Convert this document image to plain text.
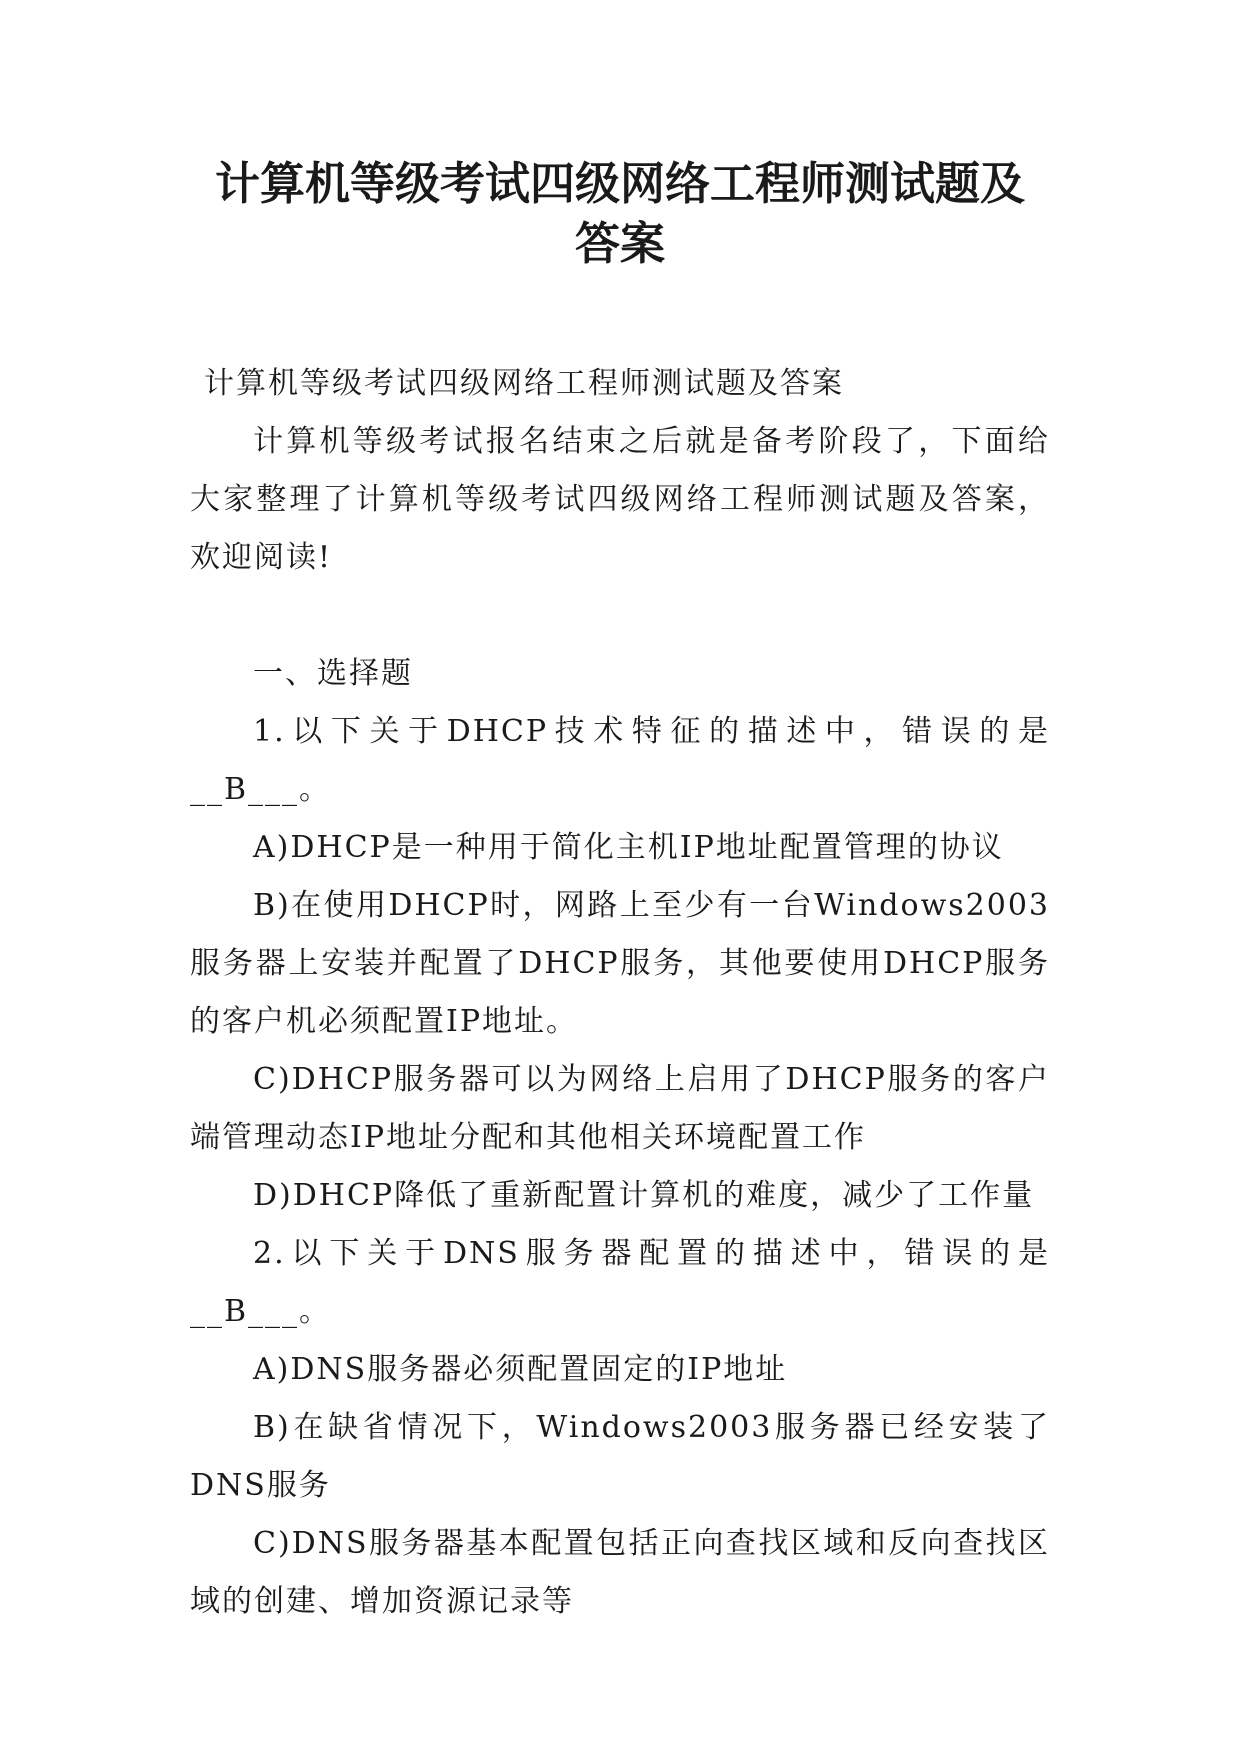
计算机等级考试四级网络工程师测试题及
答案

计算机等级考试四级网络工程师测试题及答案

计算机等级考试报名结束之后就是备考阶段了，下面给大家整理了计算机等级考试四级网络工程师测试题及答案，欢迎阅读!

一、选择题

1.以下关于DHCP技术特征的描述中，错误的是__B___。

A)DHCP是一种用于简化主机IP地址配置管理的协议

B)在使用DHCP时，网路上至少有一台Windows2003服务器上安装并配置了DHCP服务，其他要使用DHCP服务的客户机必须配置IP地址。

C)DHCP服务器可以为网络上启用了DHCP服务的客户端管理动态IP地址分配和其他相关环境配置工作

D)DHCP降低了重新配置计算机的难度，减少了工作量

2.以下关于DNS服务器配置的描述中，错误的是__B___。

A)DNS服务器必须配置固定的IP地址

B)在缺省情况下，Windows2003服务器已经安装了DNS服务

C)DNS服务器基本配置包括正向查找区域和反向查找区域的创建、增加资源记录等
